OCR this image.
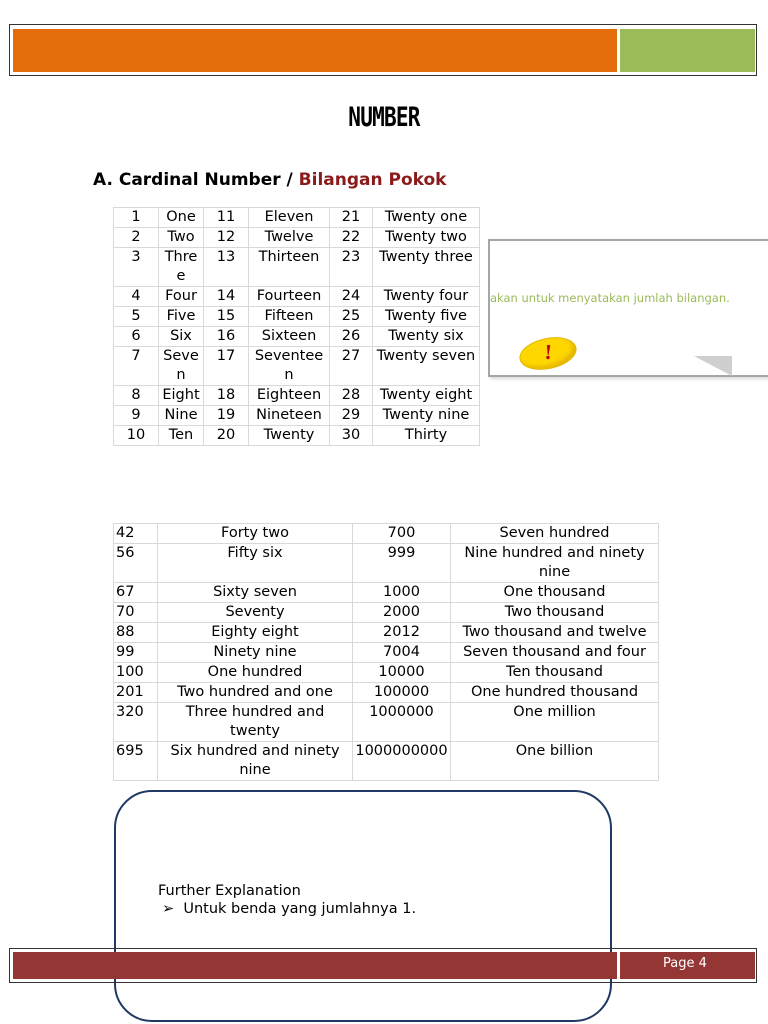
NUMBER
A. Cardinal Number / Bilangan Pokok
akan untuk menyatakan jumlah bilangan.
!
1	One	11	Eleven	21	Twenty one
2	Two	12	Twelve	22	Twenty two
3	Three	13	Thirteen	23	Twenty three
4	Four	14	Fourteen	24	Twenty four
5	Five	15	Fifteen	25	Twenty five
6	Six	16	Sixteen	26	Twenty six
7	Seven	17	Seventeen	27	Twenty seven
8	Eight	18	Eighteen	28	Twenty eight
9	Nine	19	Nineteen	29	Twenty nine
10	Ten	20	Twenty	30	Thirty
42	Forty two	700	Seven hundred
56	Fifty six	999	Nine hundred and ninety nine
67	Sixty seven	1000	One thousand
70	Seventy	2000	Two thousand
88	Eighty eight	2012	Two thousand and twelve
99	Ninety nine	7004	Seven thousand and four
100	One hundred	10000	Ten thousand
201	Two hundred and one	100000	One hundred thousand
320	Three hundred and twenty	1000000	One million
695	Six hundred and ninety nine	1000000000	One billion
Further Explanation
➢ Untuk benda yang jumlahnya 1.
Page 4
